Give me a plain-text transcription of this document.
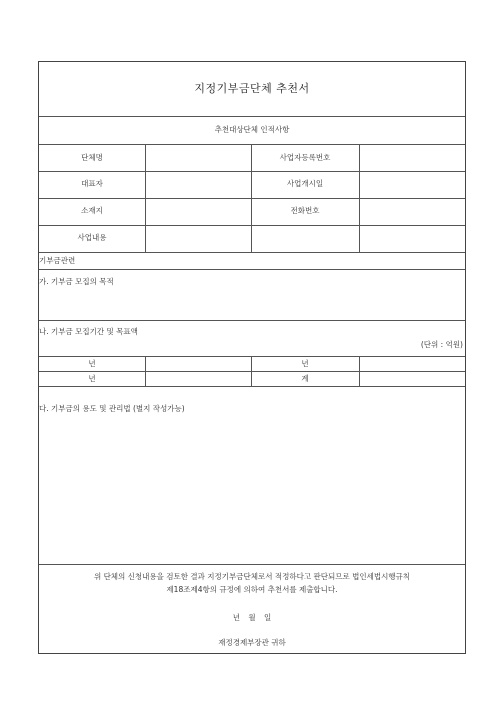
지정기부금단체 추천서
추천대상단체 인적사항
단체명	사업자등록번호
대표자	사업개시일
소재지	전화번호
사업내용
기부금관련
가. 기부금 모집의 목적
나. 기부금 모집기간 및 목표액
(단위 : 억원)
년	년
년	계
다. 기부금의 용도 및 관리법 (별지 작성가능)
위 단체의 신청내용을 검토한 결과 지정기부금단체로서 적정하다고 판단되므로 법인세법시행규칙
제18조제4항의 규정에 의하여 추천서를 제출합니다.
년 월 일
재정경제부장관 귀하
